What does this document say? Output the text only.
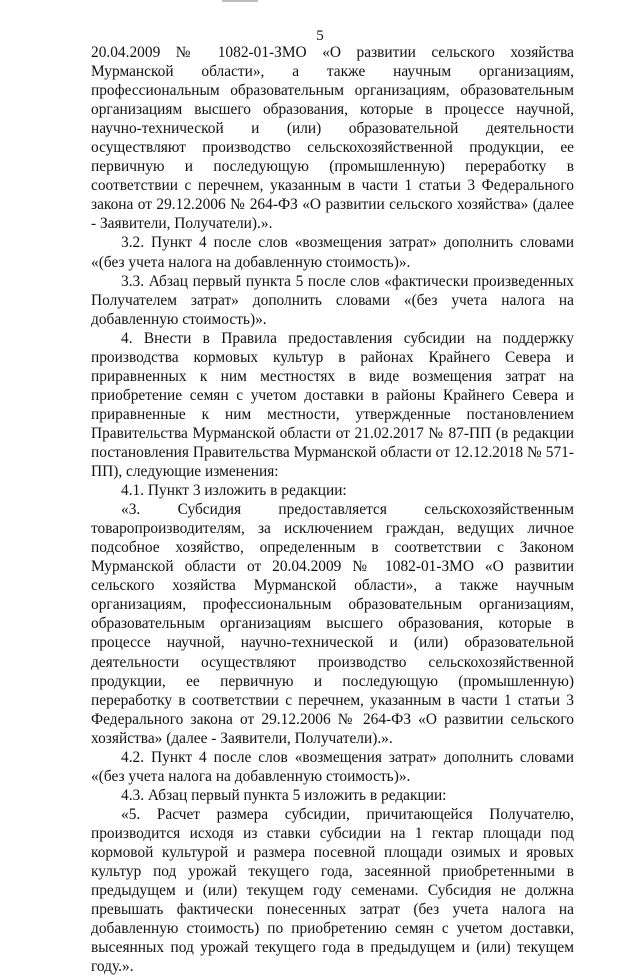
5

20.04.2009 № 1082-01-ЗМО «О развитии сельского хозяйства Мурманской области», а также научным организациям, профессиональным образовательным организациям, образовательным организациям высшего образования, которые в процессе научной, научно-технической и (или) образовательной деятельности осуществляют производство сельскохозяйственной продукции, ее первичную и последующую (промышленную) переработку в соответствии с перечнем, указанным в части 1 статьи 3 Федерального закона от 29.12.2006 № 264-ФЗ «О развитии сельского хозяйства» (далее - Заявители, Получатели).».

3.2. Пункт 4 после слов «возмещения затрат» дополнить словами «(без учета налога на добавленную стоимость)».

3.3. Абзац первый пункта 5 после слов «фактически произведенных Получателем затрат» дополнить словами «(без учета налога на добавленную стоимость)».

4. Внести в Правила предоставления субсидии на поддержку производства кормовых культур в районах Крайнего Севера и приравненных к ним местностях в виде возмещения затрат на приобретение семян с учетом доставки в районы Крайнего Севера и приравненные к ним местности, утвержденные постановлением Правительства Мурманской области от 21.02.2017 № 87-ПП (в редакции постановления Правительства Мурманской области от 12.12.2018 № 571-ПП), следующие изменения:

4.1. Пункт 3 изложить в редакции:

«3. Субсидия предоставляется сельскохозяйственным товаропроизводителям, за исключением граждан, ведущих личное подсобное хозяйство, определенным в соответствии с Законом Мурманской области от 20.04.2009 № 1082-01-ЗМО «О развитии сельского хозяйства Мурманской области», а также научным организациям, профессиональным образовательным организациям, образовательным организациям высшего образования, которые в процессе научной, научно-технической и (или) образовательной деятельности осуществляют производство сельскохозяйственной продукции, ее первичную и последующую (промышленную) переработку в соответствии с перечнем, указанным в части 1 статьи 3 Федерального закона от 29.12.2006 № 264-ФЗ «О развитии сельского хозяйства» (далее - Заявители, Получатели).».

4.2. Пункт 4 после слов «возмещения затрат» дополнить словами «(без учета налога на добавленную стоимость)».

4.3. Абзац первый пункта 5 изложить в редакции:

«5. Расчет размера субсидии, причитающейся Получателю, производится исходя из ставки субсидии на 1 гектар площади под кормовой культурой и размера посевной площади озимых и яровых культур под урожай текущего года, засеянной приобретенными в предыдущем и (или) текущем году семенами. Субсидия не должна превышать фактически понесенных затрат (без учета налога на добавленную стоимость) по приобретению семян с учетом доставки, высеянных под урожай текущего года в предыдущем и (или) текущем году.».
